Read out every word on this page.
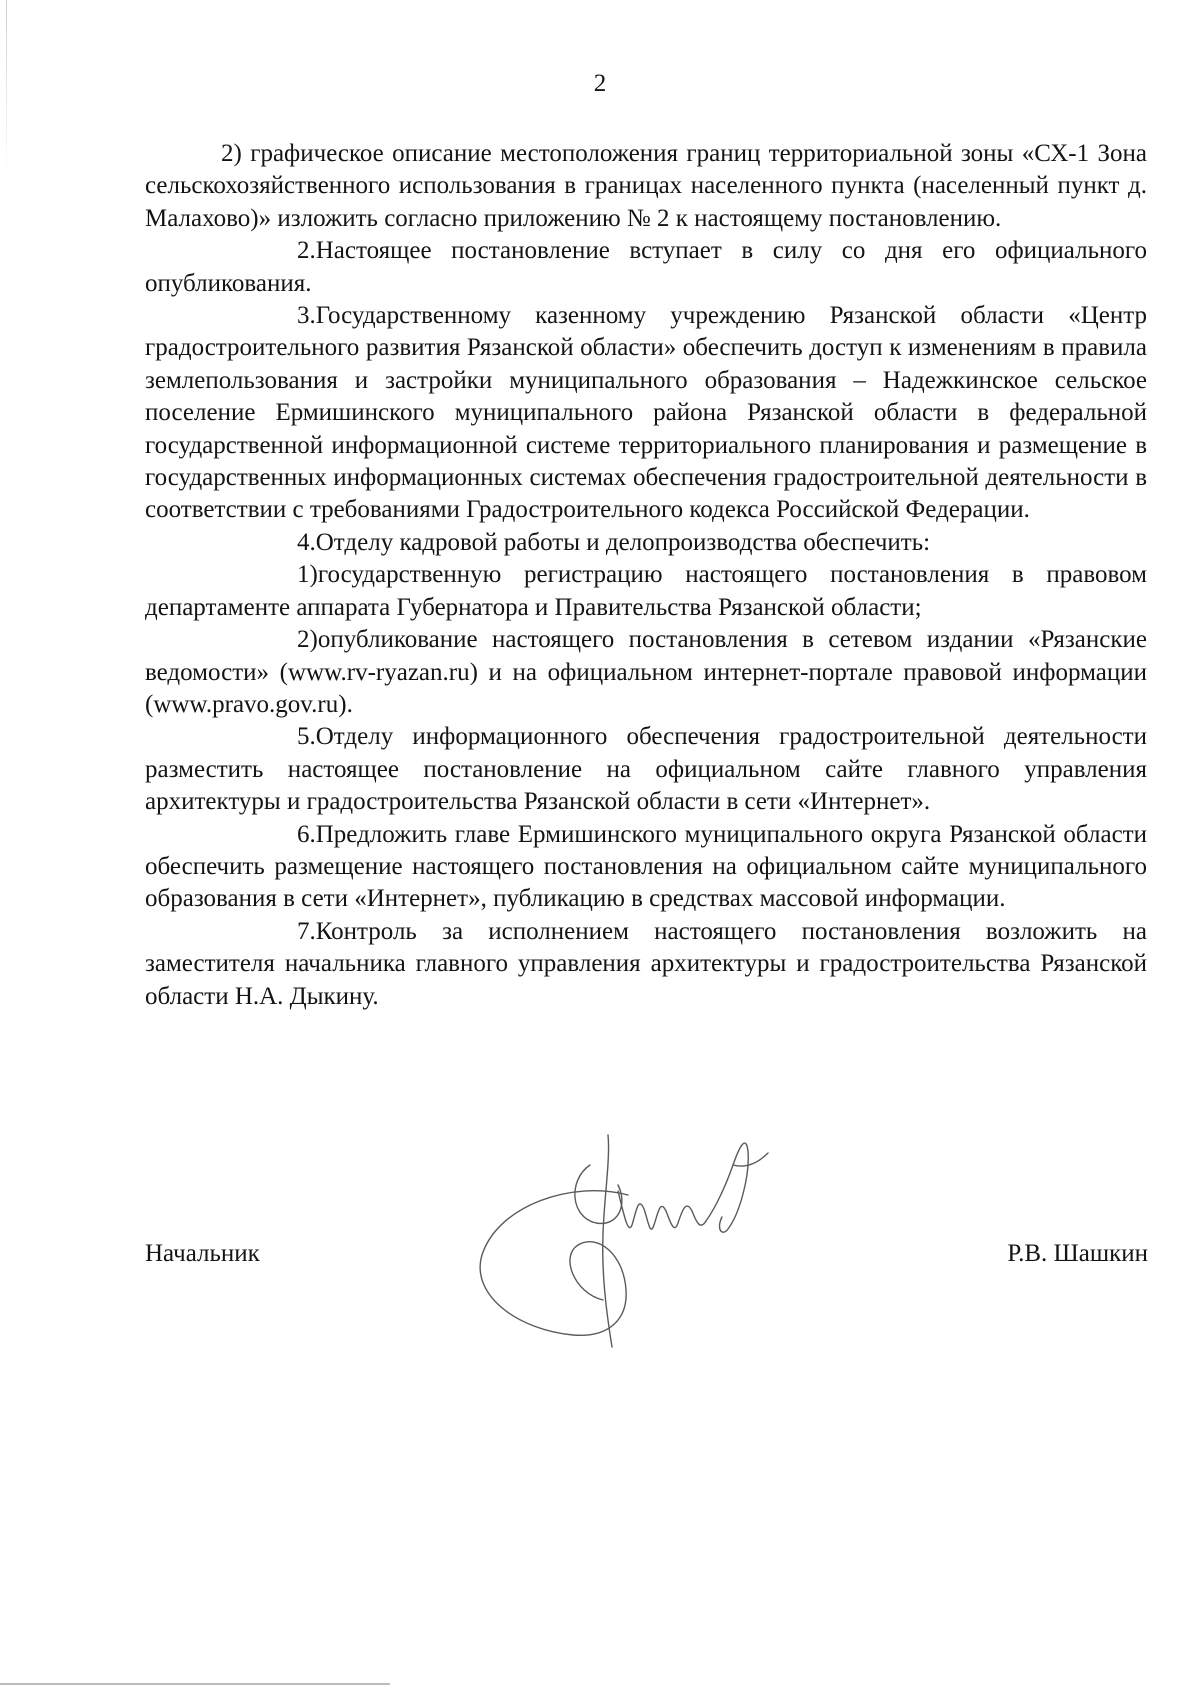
2

2) графическое описание местоположения границ территориальной зоны «СХ-1 Зона сельскохозяйственного использования в границах населенного пункта (населенный пункт д. Малахово)» изложить согласно приложению № 2 к настоящему постановлению.

2.Настоящее постановление вступает в силу со дня его официального опубликования.

3.Государственному казенному учреждению Рязанской области «Центр градостроительного развития Рязанской области» обеспечить доступ к изменениям в правила землепользования и застройки муниципального образования – Надежкинское сельское поселение Ермишинского муниципального района Рязанской области в федеральной государственной информационной системе территориального планирования и размещение в государственных информационных системах обеспечения градостроительной деятельности в соответствии с требованиями Градостроительного кодекса Российской Федерации.

4.Отделу кадровой работы и делопроизводства обеспечить:

1)государственную регистрацию настоящего постановления в правовом департаменте аппарата Губернатора и Правительства Рязанской области;

2)опубликование настоящего постановления в сетевом издании «Рязанские ведомости» (www.rv-ryazan.ru) и на официальном интернет-портале правовой информации (www.pravo.gov.ru).

5.Отделу информационного обеспечения градостроительной деятельности разместить настоящее постановление на официальном сайте главного управления архитектуры и градостроительства Рязанской области в сети «Интернет».

6.Предложить главе Ермишинского муниципального округа Рязанской области обеспечить размещение настоящего постановления на официальном сайте муниципального образования в сети «Интернет», публикацию в средствах массовой информации.

7.Контроль за исполнением настоящего постановления возложить на заместителя начальника главного управления архитектуры и градостроительства Рязанской области Н.А. Дыкину.

Начальник	Р.В. Шашкин
